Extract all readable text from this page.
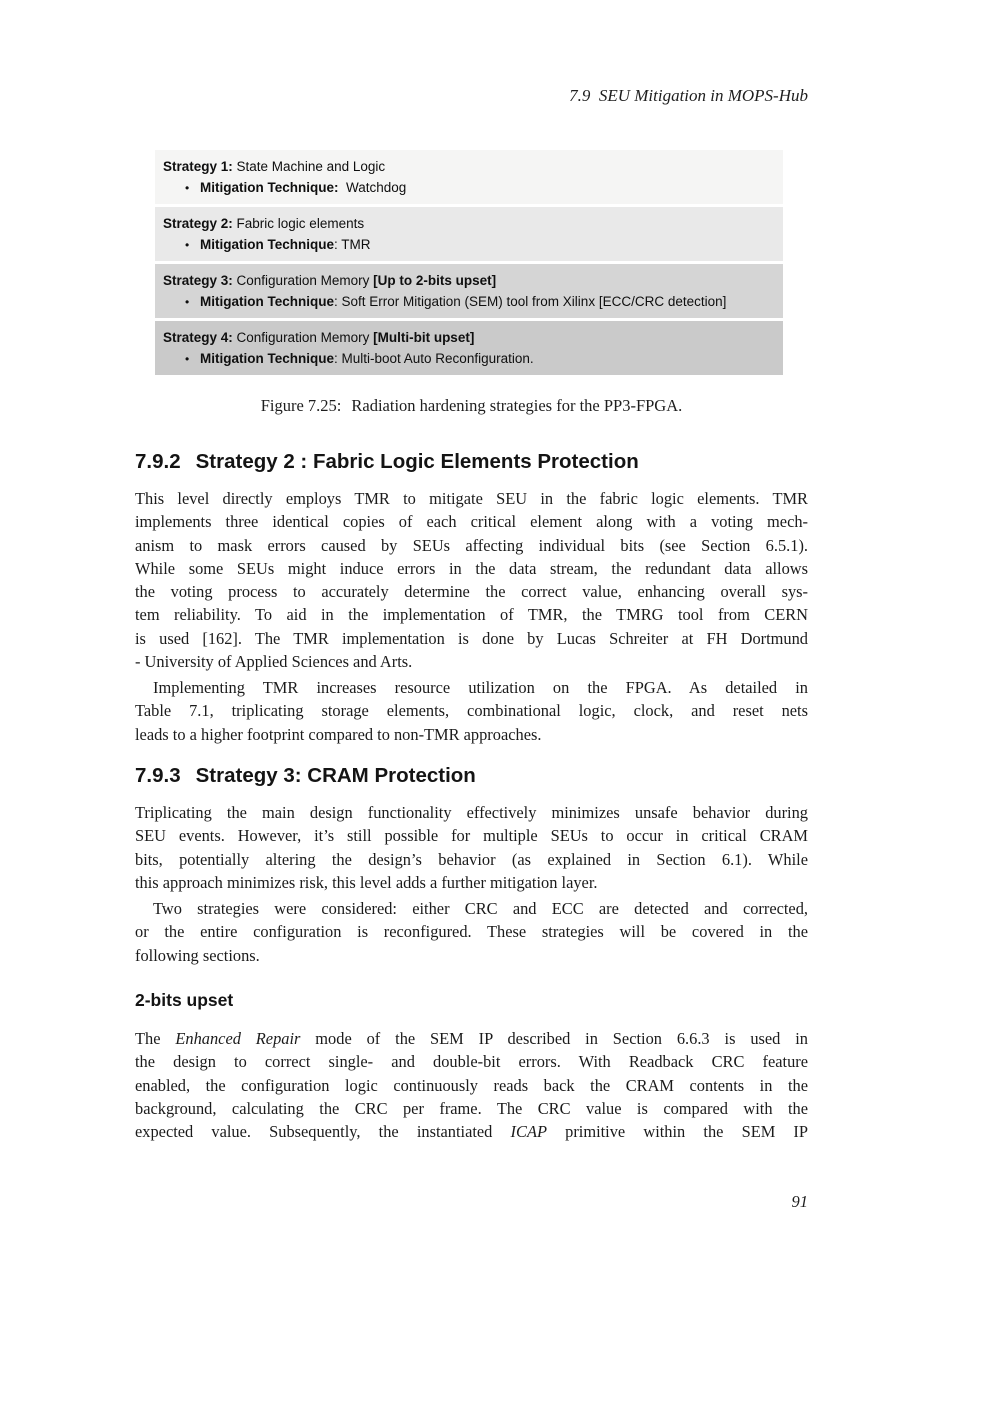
7.9  SEU Mitigation in MOPS-Hub
Strategy 1: State Machine and Logic
• Mitigation Technique:  Watchdog
Strategy 2: Fabric logic elements
• Mitigation Technique: TMR
Strategy 3: Configuration Memory [Up to 2-bits upset]
• Mitigation Technique: Soft Error Mitigation (SEM) tool from Xilinx [ECC/CRC detection]
Strategy 4: Configuration Memory [Multi-bit upset]
• Mitigation Technique: Multi-boot Auto Reconfiguration.
Figure 7.25: Radiation hardening strategies for the PP3-FPGA.
7.9.2 Strategy 2 : Fabric Logic Elements Protection
This level directly employs TMR to mitigate SEU in the fabric logic elements. TMR
implements three identical copies of each critical element along with a voting mech-
anism to mask errors caused by SEUs affecting individual bits (see Section 6.5.1).
While some SEUs might induce errors in the data stream, the redundant data allows
the voting process to accurately determine the correct value, enhancing overall sys-
tem reliability. To aid in the implementation of TMR, the TMRG tool from CERN
is used [162]. The TMR implementation is done by Lucas Schreiter at FH Dortmund
- University of Applied Sciences and Arts.
Implementing TMR increases resource utilization on the FPGA. As detailed in
Table 7.1, triplicating storage elements, combinational logic, clock, and reset nets
leads to a higher footprint compared to non-TMR approaches.
7.9.3 Strategy 3: CRAM Protection
Triplicating the main design functionality effectively minimizes unsafe behavior during
SEU events. However, it’s still possible for multiple SEUs to occur in critical CRAM
bits, potentially altering the design’s behavior (as explained in Section 6.1). While
this approach minimizes risk, this level adds a further mitigation layer.
Two strategies were considered: either CRC and ECC are detected and corrected,
or the entire configuration is reconfigured. These strategies will be covered in the
following sections.
2-bits upset
The Enhanced Repair mode of the SEM IP described in Section 6.6.3 is used in
the design to correct single- and double-bit errors. With Readback CRC feature
enabled, the configuration logic continuously reads back the CRAM contents in the
background, calculating the CRC per frame. The CRC value is compared with the
expected value. Subsequently, the instantiated ICAP primitive within the SEM IP
91
